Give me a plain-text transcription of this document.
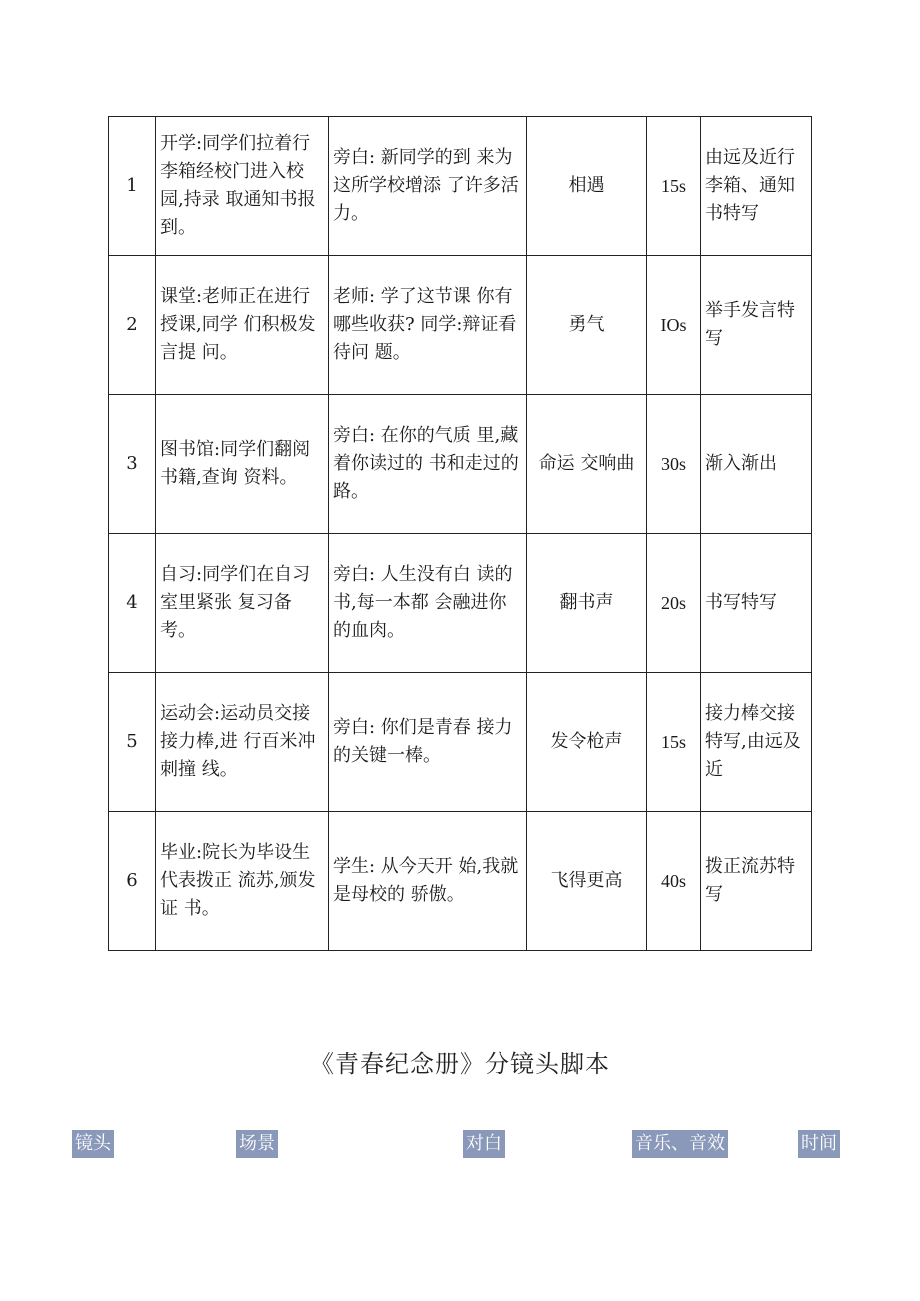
1	开学:同学们拉着行李箱经校门进入校园,持录 取通知书报到。	旁白: 新同学的到 来为这所学校增添 了许多活力。	相遇	15s	由远及近行李箱、通知书特写
2	课堂:老师正在进行授课,同学 们积极发言提 问。	老师: 学了这节课 你有哪些收获? 同学:辩证看待问 题。	勇气	IOs	举手发言特写
3	图书馆:同学们翻阅书籍,查询 资料。	旁白: 在你的气质 里,藏着你读过的 书和走过的路。	命运 交响曲	30s	渐入渐出
4	自习:同学们在自习室里紧张 复习备考。	旁白: 人生没有白 读的书,每一本都 会融进你的血肉。	翻书声	20s	书写特写
5	运动会:运动员交接接力棒,进 行百米冲刺撞 线。	旁白: 你们是青春 接力的关键一棒。	发令枪声	15s	接力棒交接特写,由远及近
6	毕业:院长为毕设生代表拨正 流苏,颁发证 书。	学生: 从今天开 始,我就是母校的 骄傲。	飞得更高	40s	拨正流苏特 写
《青春纪念册》分镜头脚本
镜头	场景	对白	音乐、音效	时间
